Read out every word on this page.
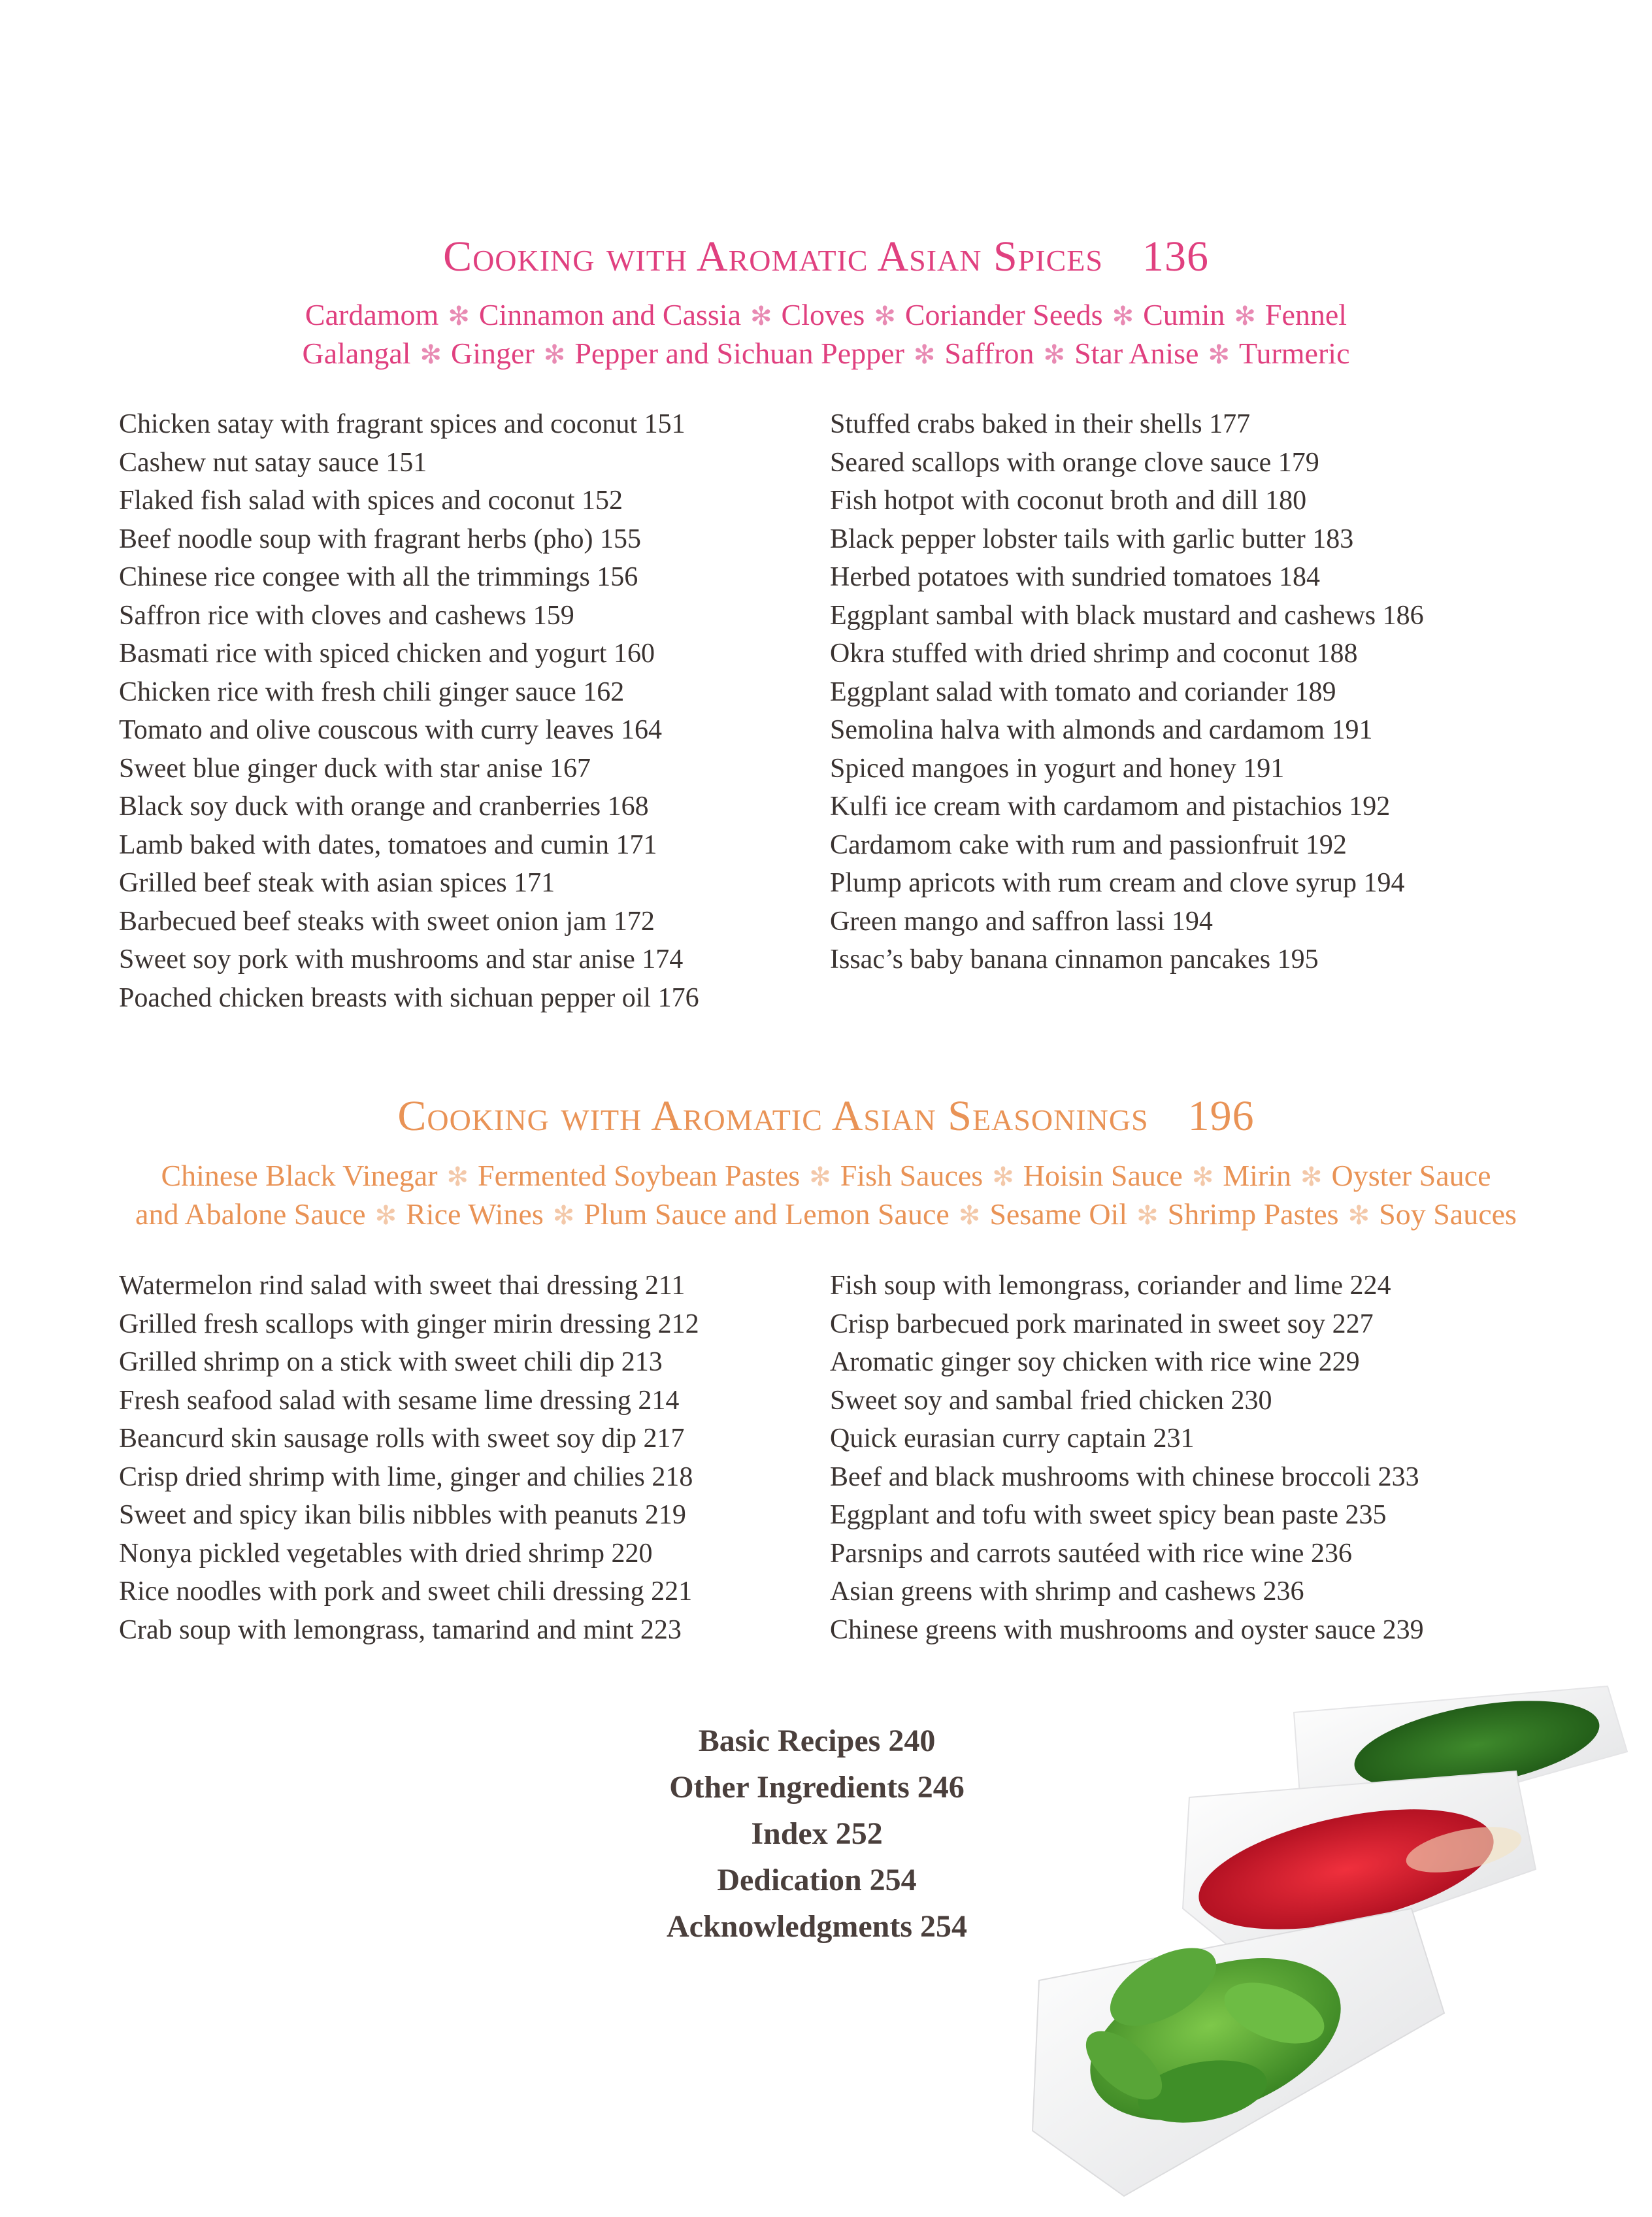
Cooking with Aromatic Asian Spices 136
Cardamom ✻ Cinnamon and Cassia ✻ Cloves ✻ Coriander Seeds ✻ Cumin ✻ Fennel
Galangal ✻ Ginger ✻ Pepper and Sichuan Pepper ✻ Saffron ✻ Star Anise ✻ Turmeric
Chicken satay with fragrant spices and coconut 151
Cashew nut satay sauce 151
Flaked fish salad with spices and coconut 152
Beef noodle soup with fragrant herbs (pho) 155
Chinese rice congee with all the trimmings 156
Saffron rice with cloves and cashews 159
Basmati rice with spiced chicken and yogurt 160
Chicken rice with fresh chili ginger sauce 162
Tomato and olive couscous with curry leaves 164
Sweet blue ginger duck with star anise 167
Black soy duck with orange and cranberries 168
Lamb baked with dates, tomatoes and cumin 171
Grilled beef steak with asian spices 171
Barbecued beef steaks with sweet onion jam 172
Sweet soy pork with mushrooms and star anise 174
Poached chicken breasts with sichuan pepper oil 176
Stuffed crabs baked in their shells 177
Seared scallops with orange clove sauce 179
Fish hotpot with coconut broth and dill 180
Black pepper lobster tails with garlic butter 183
Herbed potatoes with sundried tomatoes 184
Eggplant sambal with black mustard and cashews 186
Okra stuffed with dried shrimp and coconut 188
Eggplant salad with tomato and coriander 189
Semolina halva with almonds and cardamom 191
Spiced mangoes in yogurt and honey 191
Kulfi ice cream with cardamom and pistachios 192
Cardamom cake with rum and passionfruit 192
Plump apricots with rum cream and clove syrup 194
Green mango and saffron lassi 194
Issac’s baby banana cinnamon pancakes 195
Cooking with Aromatic Asian Seasonings 196
Chinese Black Vinegar ✻ Fermented Soybean Pastes ✻ Fish Sauces ✻ Hoisin Sauce ✻ Mirin ✻ Oyster Sauce
and Abalone Sauce ✻ Rice Wines ✻ Plum Sauce and Lemon Sauce ✻ Sesame Oil ✻ Shrimp Pastes ✻ Soy Sauces
Watermelon rind salad with sweet thai dressing 211
Grilled fresh scallops with ginger mirin dressing 212
Grilled shrimp on a stick with sweet chili dip 213
Fresh seafood salad with sesame lime dressing 214
Beancurd skin sausage rolls with sweet soy dip 217
Crisp dried shrimp with lime, ginger and chilies 218
Sweet and spicy ikan bilis nibbles with peanuts 219
Nonya pickled vegetables with dried shrimp 220
Rice noodles with pork and sweet chili dressing 221
Crab soup with lemongrass, tamarind and mint 223
Fish soup with lemongrass, coriander and lime 224
Crisp barbecued pork marinated in sweet soy 227
Aromatic ginger soy chicken with rice wine 229
Sweet soy and sambal fried chicken 230
Quick eurasian curry captain 231
Beef and black mushrooms with chinese broccoli 233
Eggplant and tofu with sweet spicy bean paste 235
Parsnips and carrots sautéed with rice wine 236
Asian greens with shrimp and cashews 236
Chinese greens with mushrooms and oyster sauce 239
Basic Recipes 240
Other Ingredients 246
Index 252
Dedication 254
Acknowledgments 254
